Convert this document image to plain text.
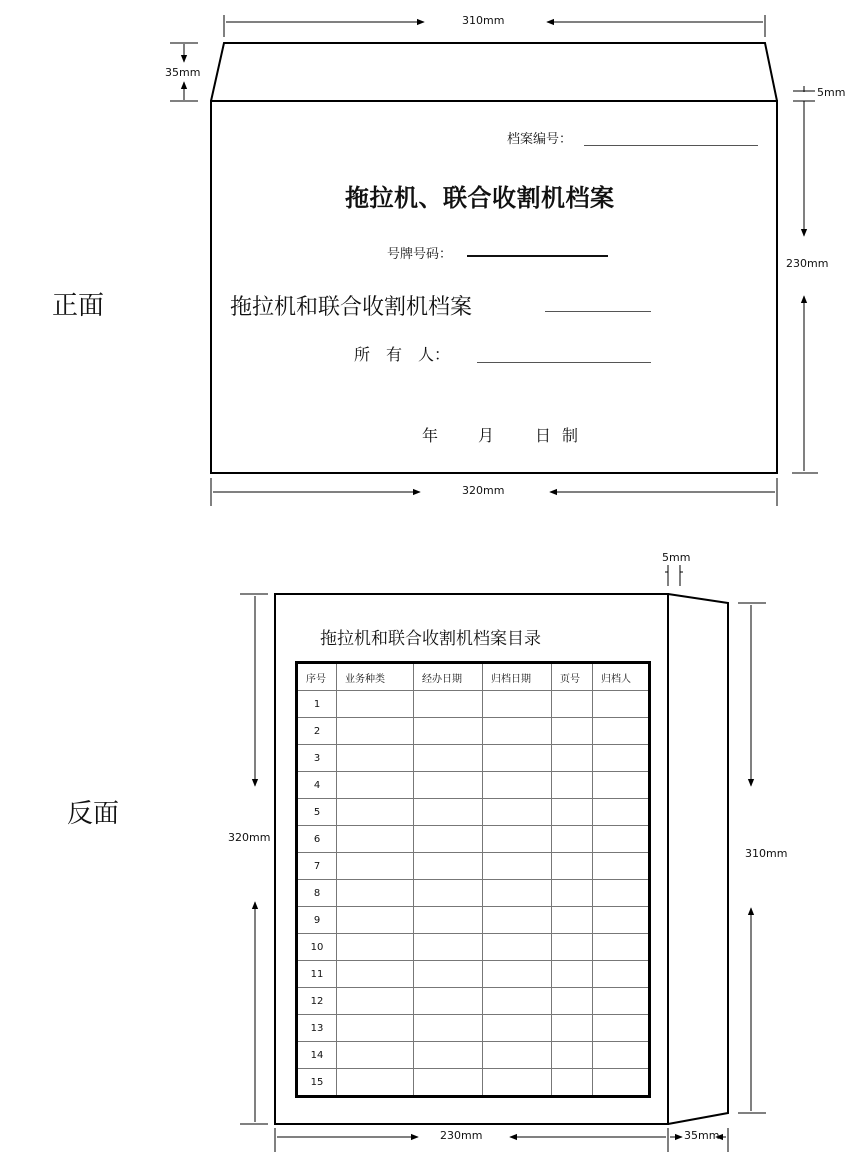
正面
310mm
35mm
5mm
230mm
320mm
档案编号：
拖拉机、联合收割机档案
号牌号码：
拖拉机和联合收割机档案
所　有　人：
年 月	日 制
反面
5mm
320mm
310mm
230mm	35mm
拖拉机和联合收割机档案目录
序号	业务种类	经办日期	归档日期	页号	归档人
1					
2					
3					
4					
5					
6					
7					
8					
9					
10					
11					
12					
13					
14					
15					
